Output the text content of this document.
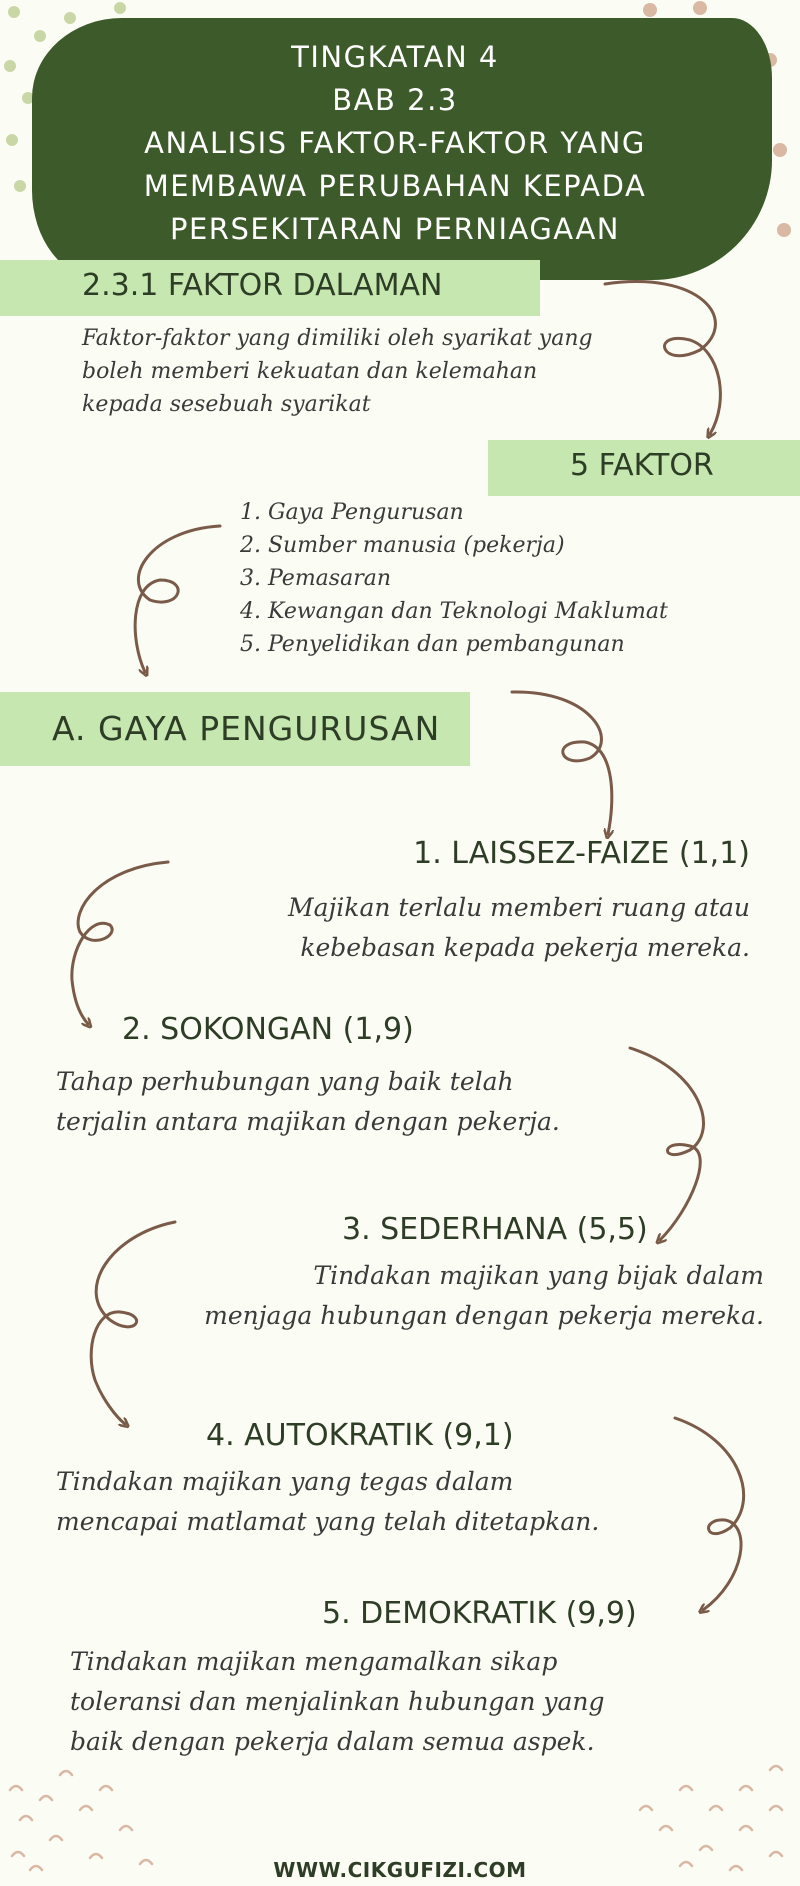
TINGKATAN 4
BAB 2.3
ANALISIS FAKTOR-FAKTOR YANG
MEMBAWA PERUBAHAN KEPADA
PERSEKITARAN PERNIAGAAN
2.3.1 FAKTOR DALAMAN
Faktor-faktor yang dimiliki oleh syarikat yang
boleh memberi kekuatan dan kelemahan
kepada sesebuah syarikat
5 FAKTOR
1. Gaya Pengurusan
2. Sumber manusia (pekerja)
3. Pemasaran
4. Kewangan dan Teknologi Maklumat
5. Penyelidikan dan pembangunan
A. GAYA PENGURUSAN
1. LAISSEZ-FAIZE (1,1)
Majikan terlalu memberi ruang atau
kebebasan kepada pekerja mereka.
2. SOKONGAN (1,9)
Tahap perhubungan yang baik telah
terjalin antara majikan dengan pekerja.
3. SEDERHANA (5,5)
Tindakan majikan yang bijak dalam
menjaga hubungan dengan pekerja mereka.
4. AUTOKRATIK (9,1)
Tindakan majikan yang tegas dalam
mencapai matlamat yang telah ditetapkan.
5. DEMOKRATIK (9,9)
Tindakan majikan mengamalkan sikap
toleransi dan menjalinkan hubungan yang
baik dengan pekerja dalam semua aspek.
WWW.CIKGUFIZI.COM
